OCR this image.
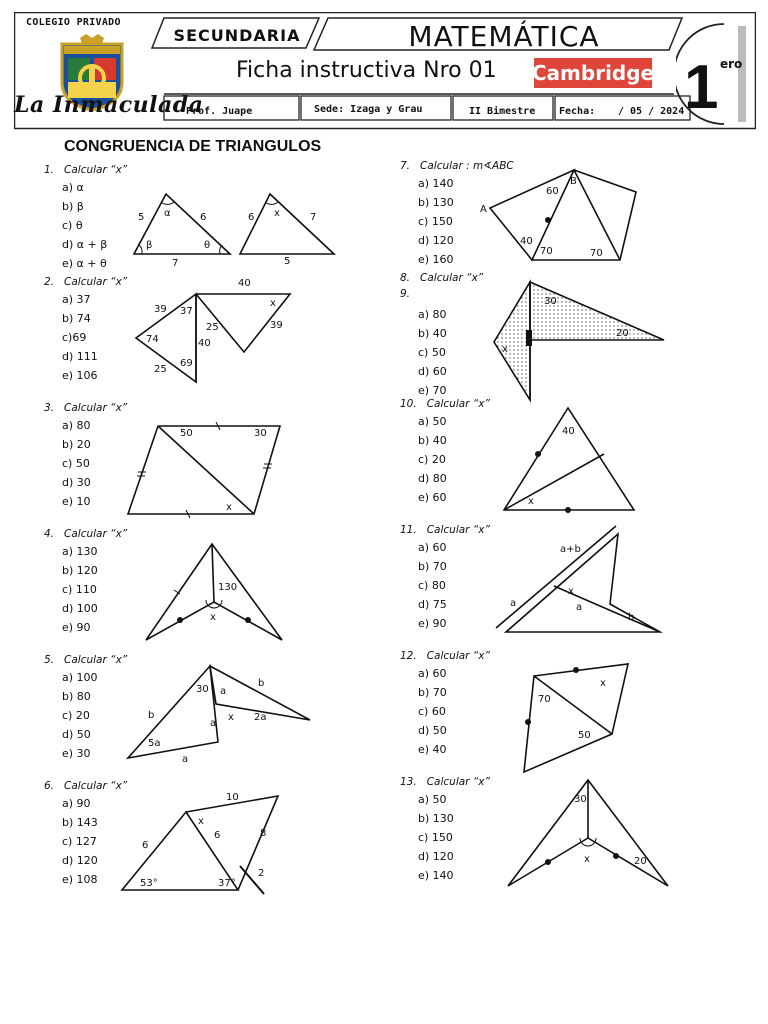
COLEGIO PRIVADO
La Inmaculada
SECUNDARIA	MATEMÁTICA
Ficha instructiva Nro 01 Cambridge
Prof. Juape	Sede: Izaga y Grau	II Bimestre Fecha: / 05 / 2024 1 ero
CONGRUENCIA DE TRIANGULOS
1. Calcular “x”
a) α
b) β
c) θ
d) α + β
e) α + θ
2. Calcular “x”
a) 37
b) 74
c)69
d) 111
e) 106
3. Calcular “x”
a) 80
b) 20
c) 50
d) 30
e) 10
4. Calcular “x”
a) 130
b) 120
c) 110
d) 100
e) 90
5. Calcular “x”
a) 100
b) 80
c) 20
d) 50
e) 30
6. Calcular “x”
a) 90
b) 143
c) 127
d) 120
e) 108
7. Calcular : m∢ABC
a) 140
b) 130
c) 150
d) 120
e) 160
8. Calcular “x”
9.
a) 80
b) 40
c) 50
d) 60
e) 70
10. Calcular “x”
a) 50
b) 40
c) 20
d) 80
e) 60
11. Calcular “x”
a) 60
b) 70
c) 80
d) 75
e) 90
12. Calcular “x”
a) 60
b) 70
c) 60
d) 50
e) 40
13. Calcular “x”
a) 50
b) 130
c) 150
d) 120
e) 140
5	6
α
β	θ
7
6	7
x
5
40
39 37
x
74
25	39
40
69
25
50	30
x
130
x
30 a
b
b	x 2a
a
5a
a
10
x
6
6	8
2
53°	37°
60
B
A
40
70	70
30
20
x
40
x
a+b
x
a	a
b
x
70
50
30
x	20
